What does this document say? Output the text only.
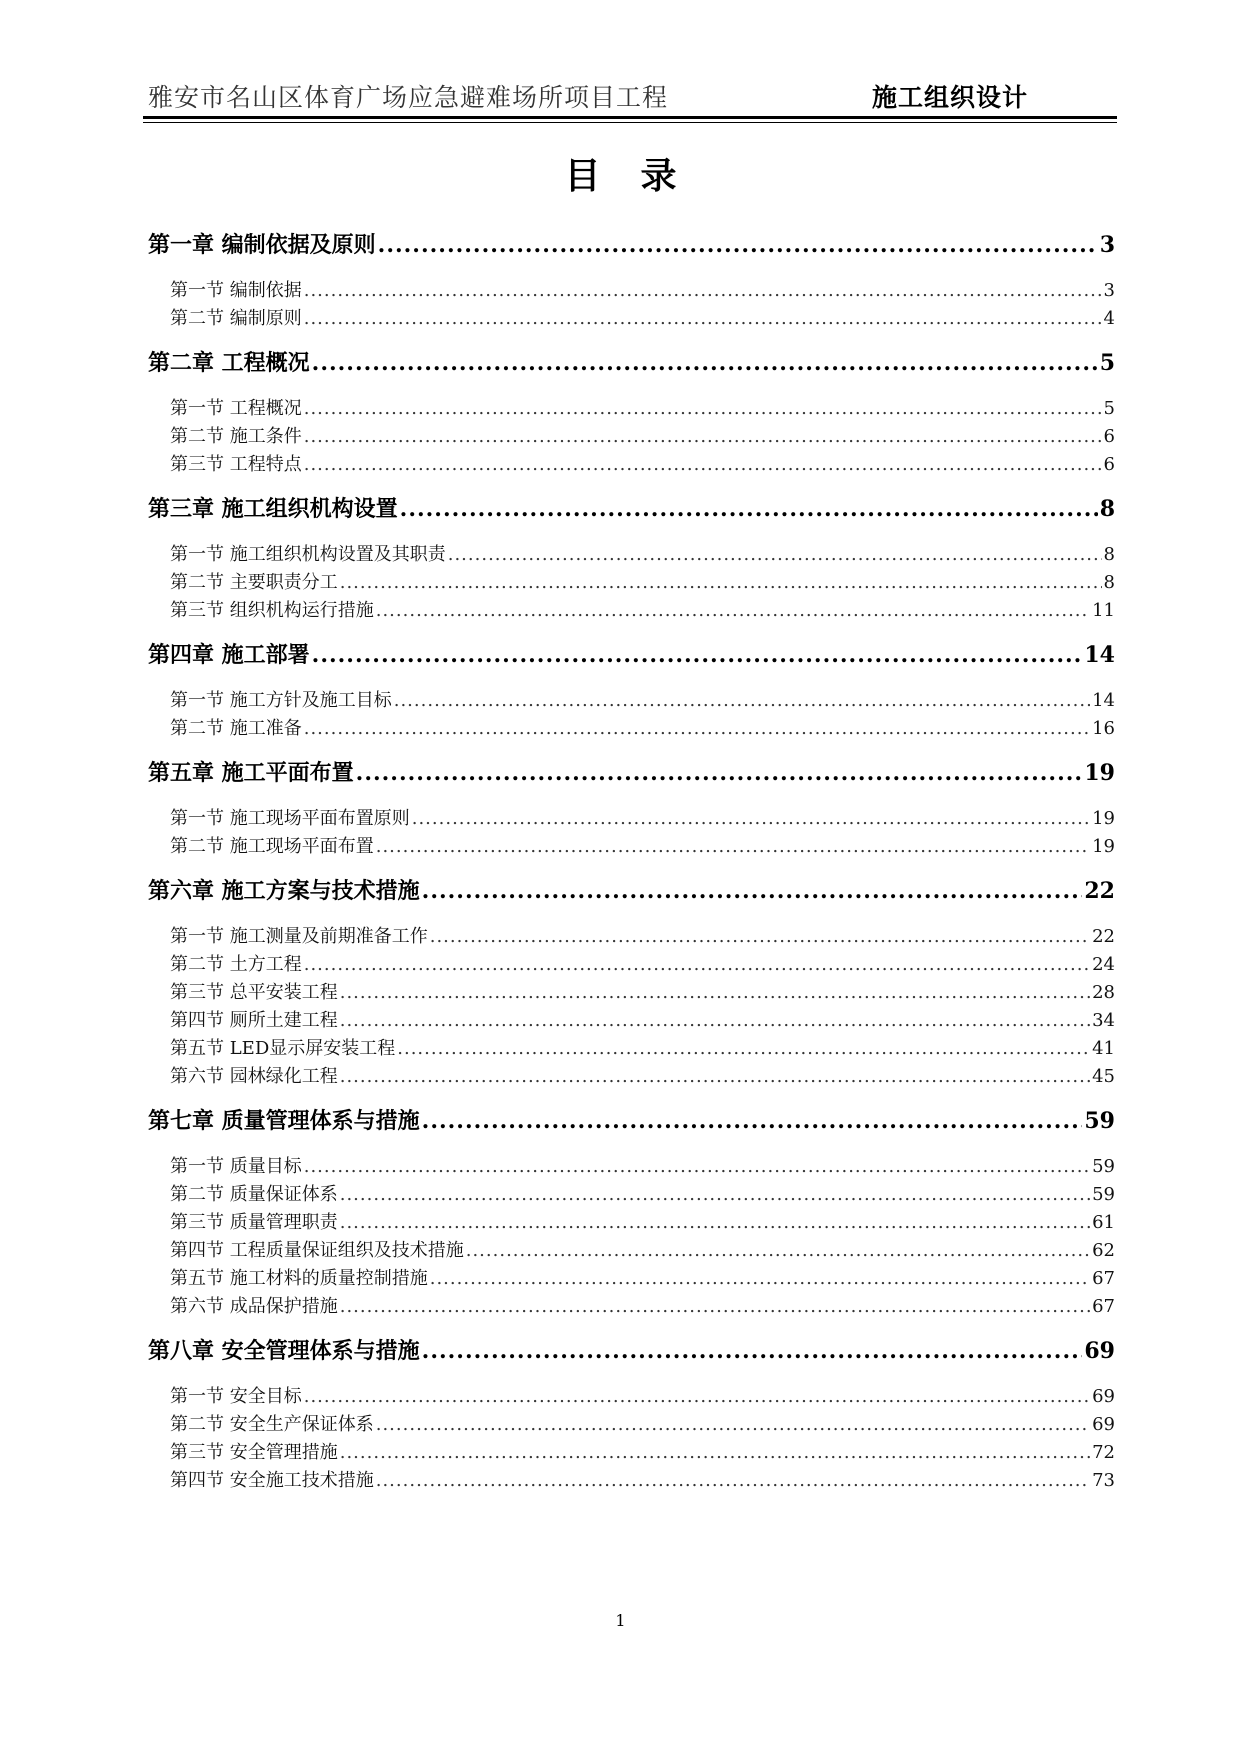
雅安市名山区体育广场应急避难场所项目工程	施工组织设计
目录
第一章 编制依据及原则 .....	3
第一节 编制依据 .....	3
第二节 编制原则 .....	4
第二章 工程概况 .....	5
第一节 工程概况 .....	5
第二节 施工条件 .....	6
第三节 工程特点 .....	6
第三章 施工组织机构设置 .....	8
第一节 施工组织机构设置及其职责 .....	8
第二节 主要职责分工 .....	8
第三节 组织机构运行措施 .....	11
第四章 施工部署 .....	14
第一节 施工方针及施工目标 .....	14
第二节 施工准备 .....	16
第五章 施工平面布置 .....	19
第一节 施工现场平面布置原则 .....	19
第二节 施工现场平面布置 .....	19
第六章 施工方案与技术措施 .....	22
第一节 施工测量及前期准备工作 .....	22
第二节 土方工程 .....	24
第三节 总平安装工程 .....	28
第四节 厕所土建工程 .....	34
第五节 LED显示屏安装工程 .....	41
第六节 园林绿化工程 .....	45
第七章 质量管理体系与措施 .....	59
第一节 质量目标 .....	59
第二节 质量保证体系 .....	59
第三节 质量管理职责 .....	61
第四节 工程质量保证组织及技术措施 .....	62
第五节 施工材料的质量控制措施 .....	67
第六节 成品保护措施 .....	67
第八章 安全管理体系与措施 .....	69
第一节 安全目标 .....	69
第二节 安全生产保证体系 .....	69
第三节 安全管理措施 .....	72
第四节 安全施工技术措施 .....	73
1
